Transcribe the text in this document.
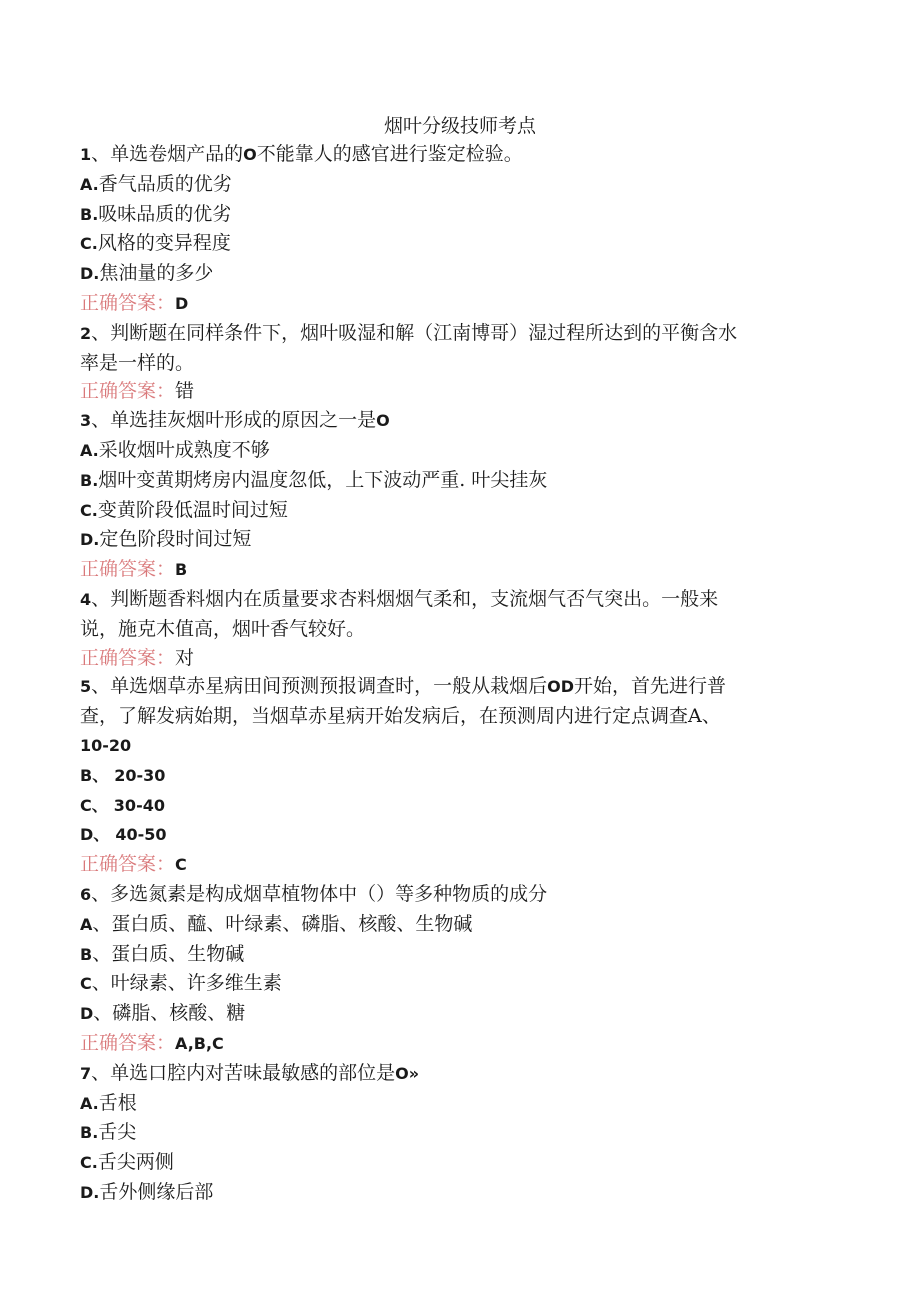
烟叶分级技师考点
1、单选卷烟产品的O不能靠人的感官进行鉴定检验。
A.香气品质的优劣
B.吸味品质的优劣
C.风格的变异程度
D.焦油量的多少
正确答案：D
2、判断题在同样条件下，烟叶吸湿和解（江南博哥）湿过程所达到的平衡含水
率是一样的。
正确答案：错
3、单选挂灰烟叶形成的原因之一是O
A.采收烟叶成熟度不够
B.烟叶变黄期烤房内温度忽低，上下波动严重. 叶尖挂灰
C.变黄阶段低温时间过短
D.定色阶段时间过短
正确答案：B
4、判断题香料烟内在质量要求杏料烟烟气柔和，支流烟气否气突出。一般来
说，施克木值高，烟叶香气较好。
正确答案：对
5、单选烟草赤星病田间预测预报调查时，一般从栽烟后OD开始，首先进行普
查，了解发病始期，当烟草赤星病开始发病后，在预测周内进行定点调查A、
10-20
B、 20-30
C、 30-40
D、 40-50
正确答案：C
6、多选氮素是构成烟草植物体中（）等多种物质的成分
A、蛋白质、醯、叶绿素、磷脂、核酸、生物碱
B、蛋白质、生物碱
C、叶绿素、许多维生素
D、磷脂、核酸、糖
正确答案：A,B,C
7、单选口腔内对苦味最敏感的部位是O»
A.舌根
B.舌尖
C.舌尖两侧
D.舌外侧缘后部
